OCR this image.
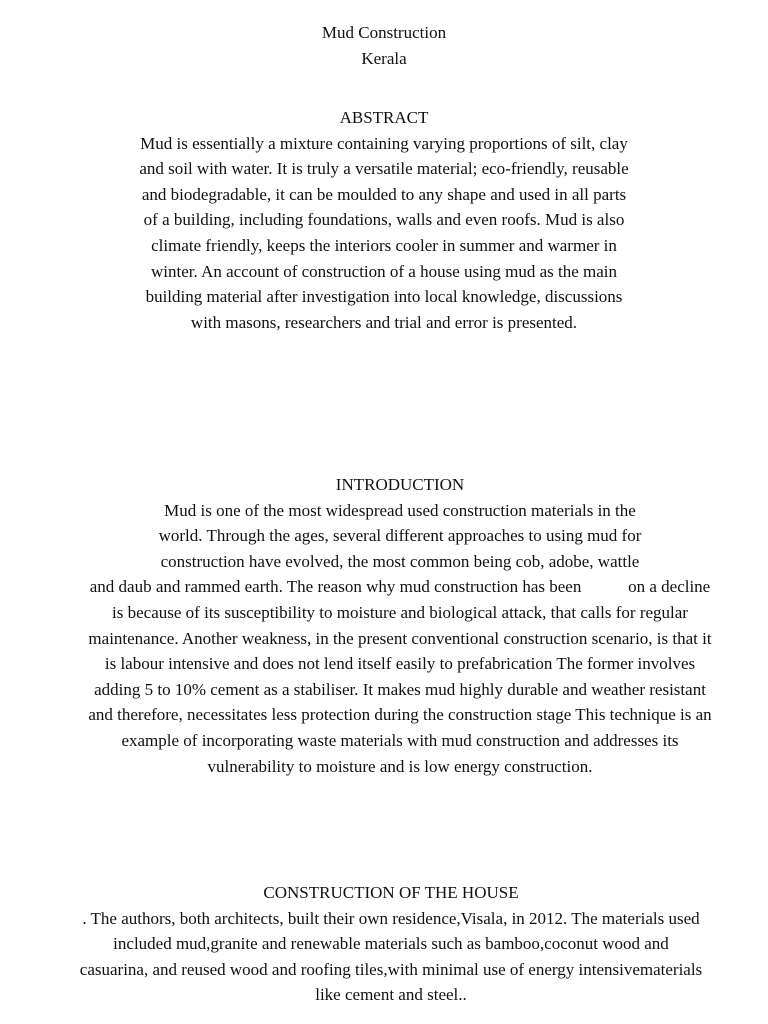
Mud Construction
Kerala
ABSTRACT
Mud is essentially a mixture containing varying proportions of silt, clay
and soil with water. It is truly a versatile material; eco-friendly, reusable
and biodegradable, it can be moulded to any shape and used in all parts
of a building, including foundations, walls and even roofs. Mud is also
climate friendly, keeps the interiors cooler in summer and warmer in
winter. An account of construction of a house using mud as the main
building material after investigation into local knowledge, discussions
with masons, researchers and trial and error is presented.
INTRODUCTION
Mud is one of the most widespread used construction materials in the
world. Through the ages, several different approaches to using mud for
construction have evolved, the most common being cob, adobe, wattle
and daub and rammed earth. The reason why mud construction has been           on a decline
is because of its susceptibility to moisture and biological attack, that calls for regular
maintenance. Another weakness, in the present conventional construction scenario, is that it
is labour intensive and does not lend itself easily to prefabrication The former involves
adding 5 to 10% cement as a stabiliser. It makes mud highly durable and weather resistant
and therefore, necessitates less protection during the construction stage This technique is an
example of incorporating waste materials with mud construction and addresses its
vulnerability to moisture and is low energy construction.
CONSTRUCTION OF THE HOUSE
. The authors, both architects, built their own residence,Visala, in 2012. The materials used
included mud,granite and renewable materials such as bamboo,coconut wood and
casuarina, and reused wood and roofing tiles,with minimal use of energy intensivematerials
like cement and steel..
